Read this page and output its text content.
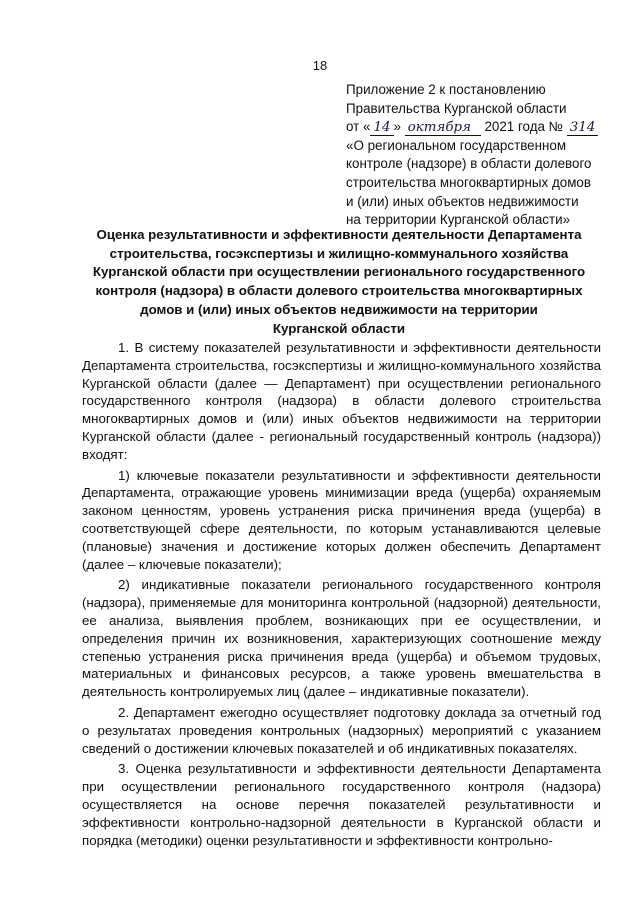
18
Приложение 2 к постановлению
Правительства Курганской области
от « 14 » октября 2021 года № 314
«О региональном государственном
контроле (надзоре) в области долевого
строительства многоквартирных домов
и (или) иных объектов недвижимости
на территории Курганской области»
Оценка результативности и эффективности деятельности Департамента
строительства, госэкспертизы и жилищно-коммунального хозяйства
Курганской области при осуществлении регионального государственного
контроля (надзора) в области долевого строительства многоквартирных
домов и (или) иных объектов недвижимости на территории
Курганской области

1. В систему показателей результативности и эффективности деятельности Департамента строительства, госэкспертизы и жилищно-коммунального хозяйства Курганской области (далее — Департамент) при осуществлении регионального государственного контроля (надзора) в области долевого строительства многоквартирных домов и (или) иных объектов недвижимости на территории Курганской области (далее - региональный государственный контроль (надзора)) входят:

1) ключевые показатели результативности и эффективности деятельности Департамента, отражающие уровень минимизации вреда (ущерба) охраняемым законом ценностям, уровень устранения риска причинения вреда (ущерба) в соответствующей сфере деятельности, по которым устанавливаются целевые (плановые) значения и достижение которых должен обеспечить Департамент (далее – ключевые показатели);

2) индикативные показатели регионального государственного контроля (надзора), применяемые для мониторинга контрольной (надзорной) деятельности, ее анализа, выявления проблем, возникающих при ее осуществлении, и определения причин их возникновения, характеризующих соотношение между степенью устранения риска причинения вреда (ущерба) и объемом трудовых, материальных и финансовых ресурсов, а также уровень вмешательства в деятельность контролируемых лиц (далее – индикативные показатели).

2. Департамент ежегодно осуществляет подготовку доклада за отчетный год о результатах проведения контрольных (надзорных) мероприятий с указанием сведений о достижении ключевых показателей и об индикативных показателях.

3. Оценка результативности и эффективности деятельности Департамента при осуществлении регионального государственного контроля (надзора) осуществляется на основе перечня показателей результативности и эффективности контрольно-надзорной деятельности в Курганской области и порядка (методики) оценки результативности и эффективности контрольно-
